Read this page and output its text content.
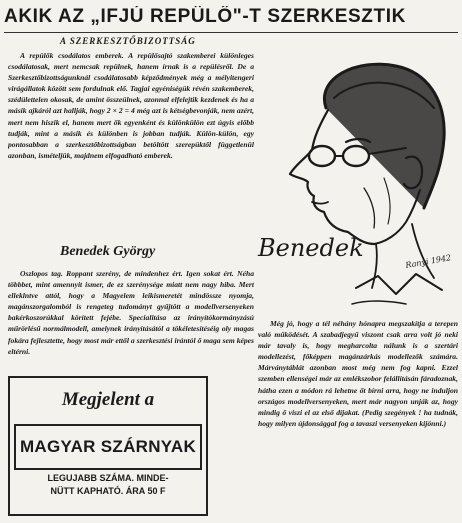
AKIK AZ „IFJÚ REPÜLŐ"-T SZERKESZTIK
A SZERKESZTŐBIZOTTSÁG

A repülők csodálatos emberek. A repülősajtó szakemberei különleges csodálatosak, mert nemcsak repülnek, hanem írnak is a repülésről. De a Szerkesztőbizottságunknál csodálatosabb képződmények még a mélyitengeri virágállatok között sem fordulnak elő. Tagjai egyéniségük révén szakemberek, szédülettelen okosak, de amint összeülnek, azonnal elfelejtik kezdenek és ha a másik ajkáról azt hallják, hogy 2 × 2 = 4 még azt is kétségbevonják, nem azért, mert nem hiszik el, hanem mert ők egyenként és különkülön ezt úgyis előbb tudják, mint a másik és különben is jobban tudják. Külön-külön, egy pontosabban a szerkesztőbizottságban betöltött szerepüktől függetlenül azonban, ismételjük, majdnem elfogadható emberek.

Benedek György

Oszlopos tag. Roppant szerény, de mindenhez ért. Igen sokat ért. Néha többbet, mint amennyit ismer, de ez szerénysége miatt nem nagy hiba. Mert elleklntve attól, hogy a Magyelem leikismeretét mindössze nyomja, magánszorgalomból is rengeteg tudományt gyűjtött a modellversenyeken bakérkoszorúkkal körített fejébe. Specialitása az irányítókormányzású műrörlésű normálmodell, amelynek irányításától a tökéletesítéséig oly magas fokára fejlesztette, hogy most már ettől a szerkesztési irántól ő maga sem képes eltérni.

Benedek	Ranyi 1942

Még jó, hogy a tél néhány hónapra megszakítja a terepen való működését. A szabadjegyű viszont csak arra volt jó neki már tavaly is, hogy megharcolta nálunk is a szertári modellezést, főképpen magánzárkás modellezők számára. Márványtáblát azonban most még nem fog kapni. Ezzel szemben ellenségei már az emlékszobor felállításán fáradoznak, hátha ezen a módon rá lehetne őt bírni arra, hogy ne induljon országos modellversenyeken, mert már nagyon unják az, hogy mindig ő viszi el az első díjakat. (Pedig szegények ! ha tudnák, hogy milyen újdonsággal fog a tavaszi versenyeken kijönni.)

Megjelent a
MAGYAR SZÁRNYAK
LEGUJABB SZÁMA. MINDE-
NÜTT KAPHATÓ. ÁRA 50 F
